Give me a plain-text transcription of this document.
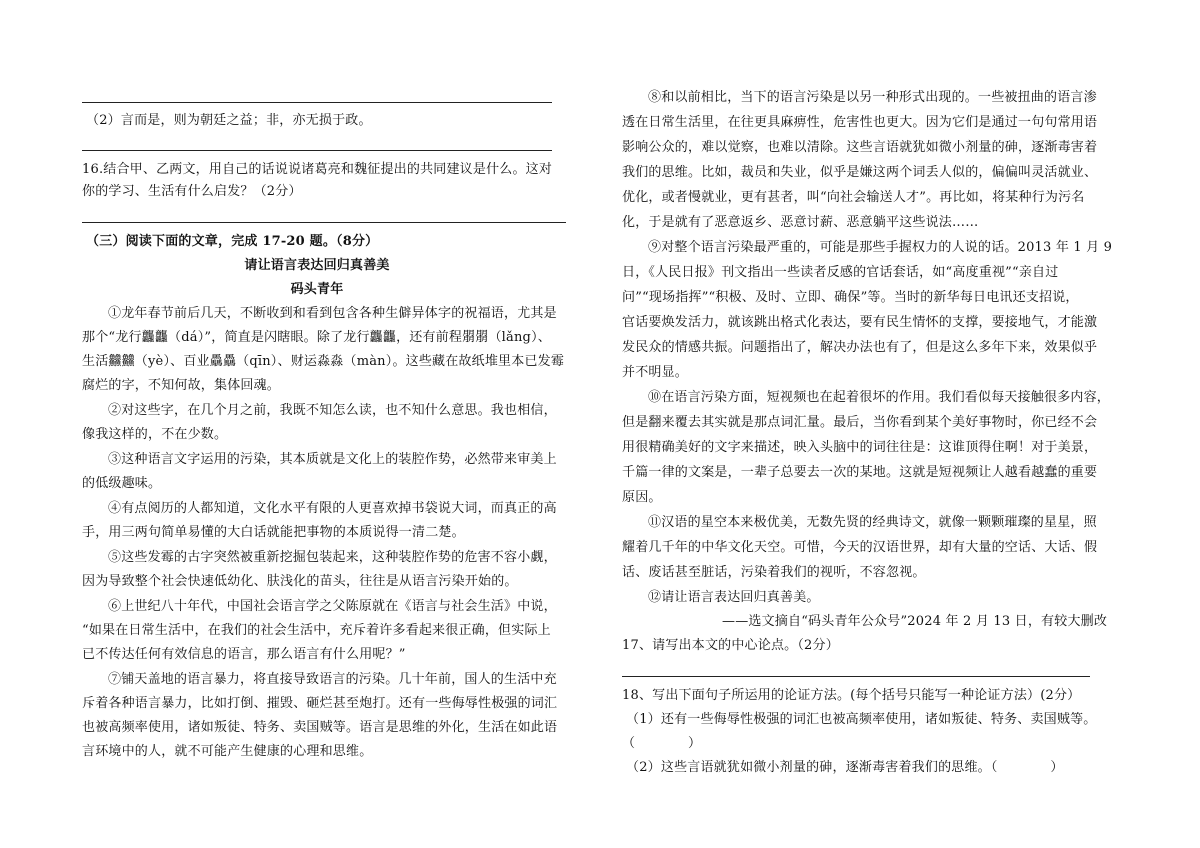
（2）言而是，则为朝廷之益；非，亦无损于政。
16.结合甲、乙两文，用自己的话说说诸葛亮和魏征提出的共同建议是什么。这对
你的学习、生活有什么启发？（2分）
（三）阅读下面的文章，完成 17-20 题。（8分）
请让语言表达回归真善美
码头青年
①龙年春节前后几天，不断收到和看到包含各种生僻异体字的祝福语，尤其是
那个“龙行龘龘（dá）”，简直是闪瞎眼。除了龙行龘龘，还有前程朤朤（lǎng）、
生活䲜䲜（yè）、百业驫驫（qīn）、财运淼淼（màn）。这些藏在故纸堆里本已发霉
腐烂的字，不知何故，集体回魂。
②对这些字，在几个月之前，我既不知怎么读，也不知什么意思。我也相信，
像我这样的，不在少数。
③这种语言文字运用的污染，其本质就是文化上的装腔作势，必然带来审美上
的低级趣味。
④有点阅历的人都知道，文化水平有限的人更喜欢掉书袋说大词，而真正的高
手，用三两句简单易懂的大白话就能把事物的本质说得一清二楚。
⑤这些发霉的古字突然被重新挖掘包装起来，这种装腔作势的危害不容小觑，
因为导致整个社会快速低幼化、肤浅化的苗头，往往是从语言污染开始的。
⑥上世纪八十年代，中国社会语言学之父陈原就在《语言与社会生活》中说，
“如果在日常生活中，在我们的社会生活中，充斥着许多看起来很正确，但实际上
已不传达任何有效信息的语言，那么语言有什么用呢？”
⑦铺天盖地的语言暴力，将直接导致语言的污染。几十年前，国人的生活中充
斥着各种语言暴力，比如打倒、摧毁、砸烂甚至炮打。还有一些侮辱性极强的词汇
也被高频率使用，诸如叛徒、特务、卖国贼等。语言是思维的外化，生活在如此语
言环境中的人，就不可能产生健康的心理和思维。
⑧和以前相比，当下的语言污染是以另一种形式出现的。一些被扭曲的语言渗
透在日常生活里，在往更具麻痹性，危害性也更大。因为它们是通过一句句常用语
影响公众的，难以觉察，也难以清除。这些言语就犹如微小剂量的砷，逐渐毒害着
我们的思维。比如，裁员和失业，似乎是嫌这两个词丢人似的，偏偏叫灵活就业、
优化，或者慢就业，更有甚者，叫“向社会输送人才”。再比如，将某种行为污名
化，于是就有了恶意返乡、恶意讨薪、恶意躺平这些说法……
⑨对整个语言污染最严重的，可能是那些手握权力的人说的话。2013 年 1 月 9
日，《人民日报》刊文指出一些读者反感的官话套话，如“高度重视”“亲自过
问”“现场指挥”“积极、及时、立即、确保”等。当时的新华每日电讯还支招说，
官话要焕发活力，就该跳出格式化表达，要有民生情怀的支撑，要接地气，才能激
发民众的情感共振。问题指出了，解决办法也有了，但是这么多年下来，效果似乎
并不明显。
⑩在语言污染方面，短视频也在起着很坏的作用。我们看似每天接触很多内容，
但是翻来覆去其实就是那点词汇量。最后，当你看到某个美好事物时，你已经不会
用很精确美好的文字来描述，映入头脑中的词往往是：这谁顶得住啊！对于美景，
千篇一律的文案是，一辈子总要去一次的某地。这就是短视频让人越看越蠢的重要
原因。
⑪汉语的星空本来极优美，无数先贤的经典诗文，就像一颗颗璀璨的星星，照
耀着几千年的中华文化天空。可惜，今天的汉语世界，却有大量的空话、大话、假
话、废话甚至脏话，污染着我们的视听，不容忽视。
⑫请让语言表达回归真善美。
——选文摘自“码头青年公众号”2024 年 2 月 13 日，有较大删改
17、请写出本文的中心论点。（2分）
18、写出下面句子所运用的论证方法。(每个括号只能写一种论证方法）(2分）
（1）还有一些侮辱性极强的词汇也被高频率使用，诸如叛徒、特务、卖国贼等。
（　　　　）
（2）这些言语就犹如微小剂量的砷，逐渐毒害着我们的思维。（　　　　）
